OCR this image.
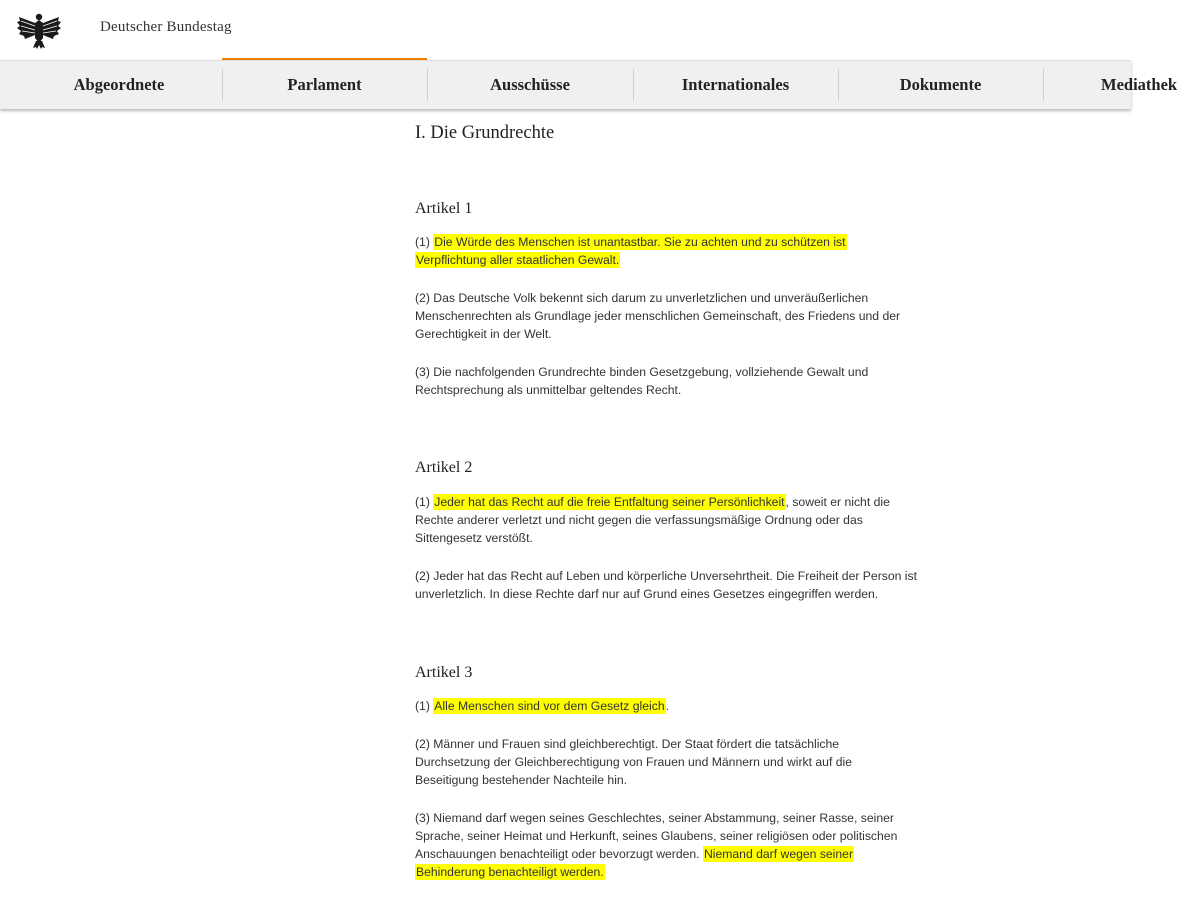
Deutscher Bundestag
Abgeordnete	Parlament	Ausschüsse	Internationales	Dokumente	Mediathek
I. Die Grundrechte
Artikel 1

(1) Die Würde des Menschen ist unantastbar. Sie zu achten und zu schützen ist Verpflichtung aller staatlichen Gewalt.

(2) Das Deutsche Volk bekennt sich darum zu unverletzlichen und unveräußerlichen Menschenrechten als Grundlage jeder menschlichen Gemeinschaft, des Friedens und der Gerechtigkeit in der Welt.

(3) Die nachfolgenden Grundrechte binden Gesetzgebung, vollziehende Gewalt und Rechtsprechung als unmittelbar geltendes Recht.

Artikel 2

(1) Jeder hat das Recht auf die freie Entfaltung seiner Persönlichkeit, soweit er nicht die Rechte anderer verletzt und nicht gegen die verfassungsmäßige Ordnung oder das Sittengesetz verstößt.

(2) Jeder hat das Recht auf Leben und körperliche Unversehrtheit. Die Freiheit der Person ist unverletzlich. In diese Rechte darf nur auf Grund eines Gesetzes eingegriffen werden.

Artikel 3

(1) Alle Menschen sind vor dem Gesetz gleich.

(2) Männer und Frauen sind gleichberechtigt. Der Staat fördert die tatsächliche Durchsetzung der Gleichberechtigung von Frauen und Männern und wirkt auf die Beseitigung bestehender Nachteile hin.

(3) Niemand darf wegen seines Geschlechtes, seiner Abstammung, seiner Rasse, seiner Sprache, seiner Heimat und Herkunft, seines Glaubens, seiner religiösen oder politischen Anschauungen benachteiligt oder bevorzugt werden. Niemand darf wegen seiner Behinderung benachteiligt werden.
